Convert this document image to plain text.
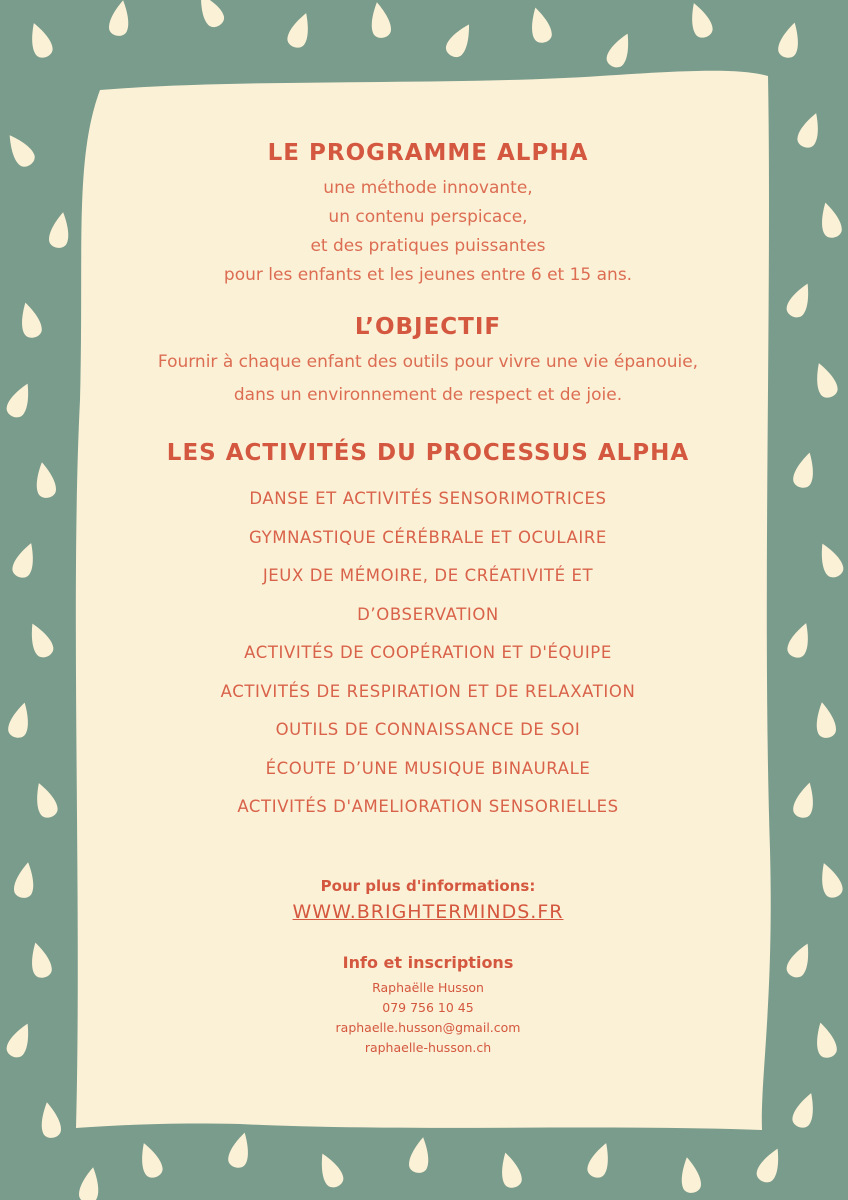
LE PROGRAMME ALPHA
une méthode innovante,
un contenu perspicace,
et des pratiques puissantes
pour les enfants et les jeunes entre 6 et 15 ans.
L’OBJECTIF
Fournir à chaque enfant des outils pour vivre une vie épanouie,
dans un environnement de respect et de joie.
LES ACTIVITÉS DU PROCESSUS ALPHA
DANSE ET ACTIVITÉS SENSORIMOTRICES
GYMNASTIQUE CÉRÉBRALE ET OCULAIRE
JEUX DE MÉMOIRE, DE CRÉATIVITÉ ET
D’OBSERVATION
ACTIVITÉS DE COOPÉRATION ET D'ÉQUIPE
ACTIVITÉS DE RESPIRATION ET DE RELAXATION
OUTILS DE CONNAISSANCE DE SOI
ÉCOUTE D’UNE MUSIQUE BINAURALE
ACTIVITÉS D'AMELIORATION SENSORIELLES
Pour plus d'informations:
WWW.BRIGHTERMINDS.FR
Info et inscriptions
Raphaëlle Husson
079 756 10 45
raphaelle.husson@gmail.com
raphaelle-husson.ch
